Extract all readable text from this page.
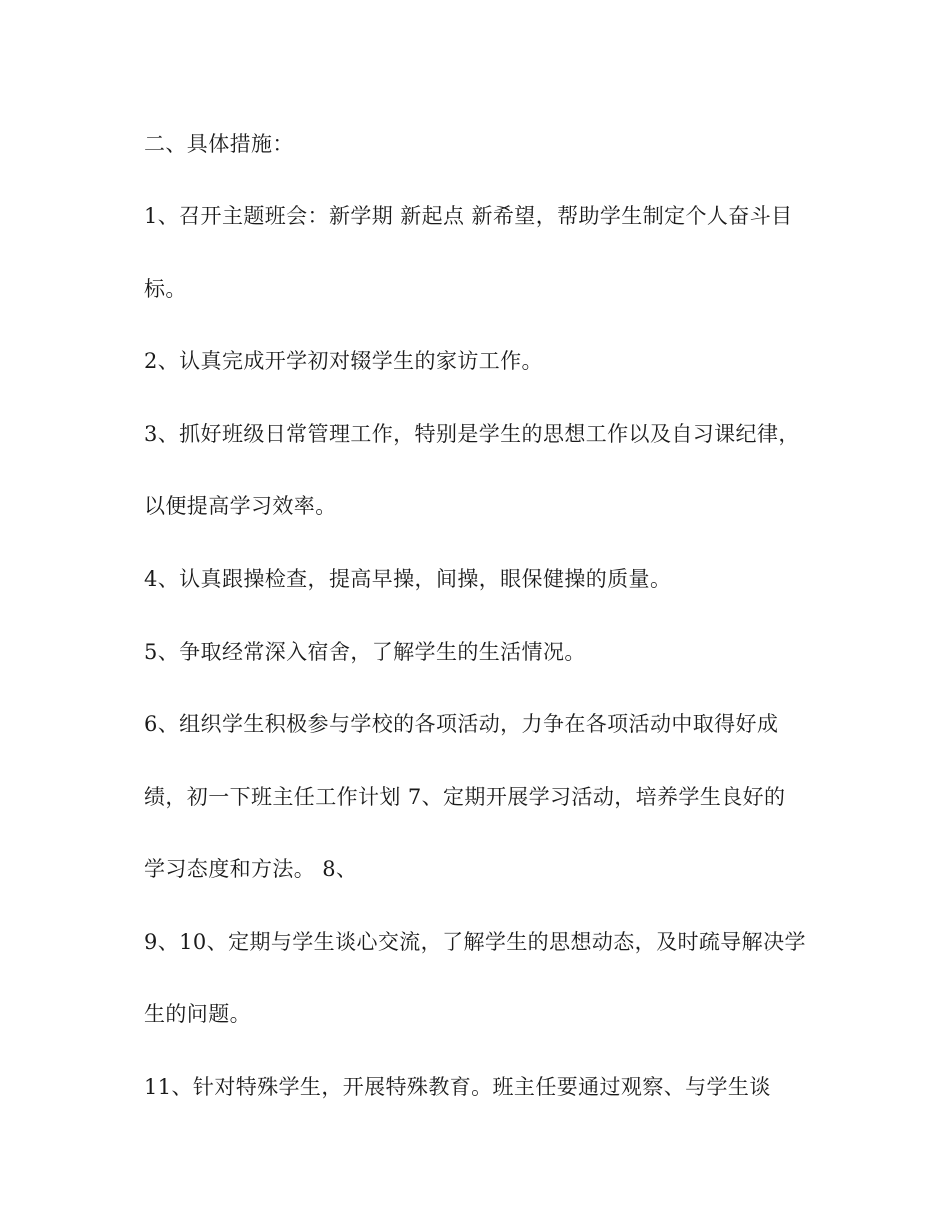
二、具体措施：
1、召开主题班会：新学期 新起点 新希望，帮助学生制定个人奋斗目
标。
2、认真完成开学初对辍学生的家访工作。
3、抓好班级日常管理工作，特别是学生的思想工作以及自习课纪律，
以便提高学习效率。
4、认真跟操检查，提高早操，间操，眼保健操的质量。
5、争取经常深入宿舍，了解学生的生活情况。
6、组织学生积极参与学校的各项活动，力争在各项活动中取得好成
绩，初一下班主任工作计划 7、定期开展学习活动，培养学生良好的
学习态度和方法。 8、
9、10、定期与学生谈心交流，了解学生的思想动态，及时疏导解决学
生的问题。
11、针对特殊学生，开展特殊教育。班主任要通过观察、与学生谈
